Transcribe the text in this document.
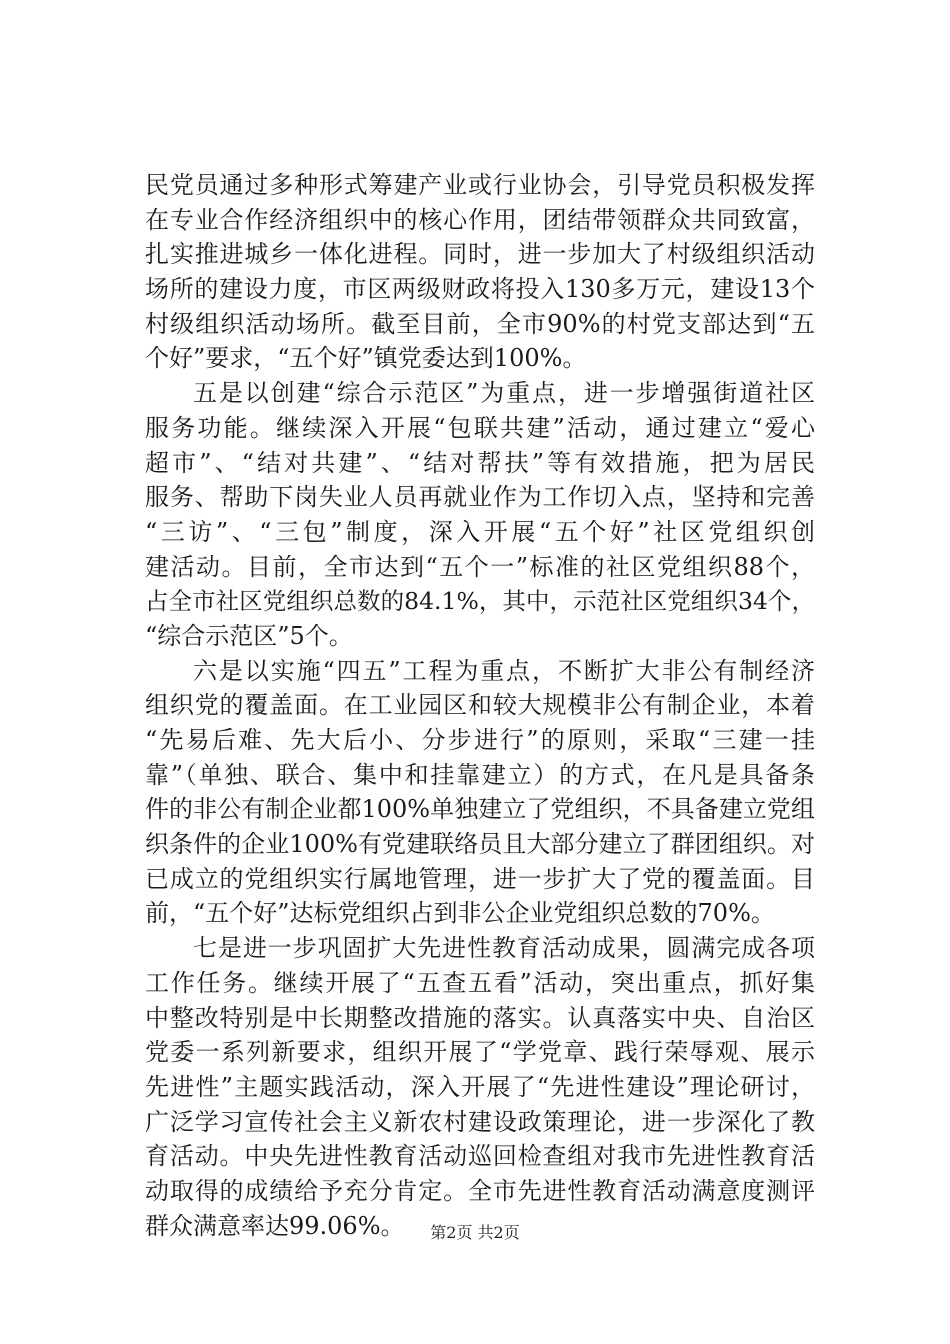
民党员通过多种形式筹建产业或行业协会，引导党员积极发挥
在专业合作经济组织中的核心作用，团结带领群众共同致富，
扎实推进城乡一体化进程。同时，进一步加大了村级组织活动
场所的建设力度，市区两级财政将投入130多万元，建设13个
村级组织活动场所。截至目前，全市90%的村党支部达到“五
个好”要求，“五个好”镇党委达到100%。
五是以创建“综合示范区”为重点，进一步增强街道社区
服务功能。继续深入开展“包联共建”活动，通过建立“爱心
超市”、“结对共建”、“结对帮扶”等有效措施，把为居民
服务、帮助下岗失业人员再就业作为工作切入点，坚持和完善
“三访”、“三包”制度，深入开展“五个好”社区党组织创
建活动。目前，全市达到“五个一”标准的社区党组织88个，
占全市社区党组织总数的84.1%，其中，示范社区党组织34个，
“综合示范区”5个。
六是以实施“四五”工程为重点，不断扩大非公有制经济
组织党的覆盖面。在工业园区和较大规模非公有制企业，本着
“先易后难、先大后小、分步进行”的原则，采取“三建一挂
靠”（单独、联合、集中和挂靠建立）的方式，在凡是具备条
件的非公有制企业都100%单独建立了党组织，不具备建立党组
织条件的企业100%有党建联络员且大部分建立了群团组织。对
已成立的党组织实行属地管理，进一步扩大了党的覆盖面。目
前，“五个好”达标党组织占到非公企业党组织总数的70%。
七是进一步巩固扩大先进性教育活动成果，圆满完成各项
工作任务。继续开展了“五查五看”活动，突出重点，抓好集
中整改特别是中长期整改措施的落实。认真落实中央、自治区
党委一系列新要求，组织开展了“学党章、践行荣辱观、展示
先进性”主题实践活动，深入开展了“先进性建设”理论研讨，
广泛学习宣传社会主义新农村建设政策理论，进一步深化了教
育活动。中央先进性教育活动巡回检查组对我市先进性教育活
动取得的成绩给予充分肯定。全市先进性教育活动满意度测评
群众满意率达99.06%。	第2页 共2页
